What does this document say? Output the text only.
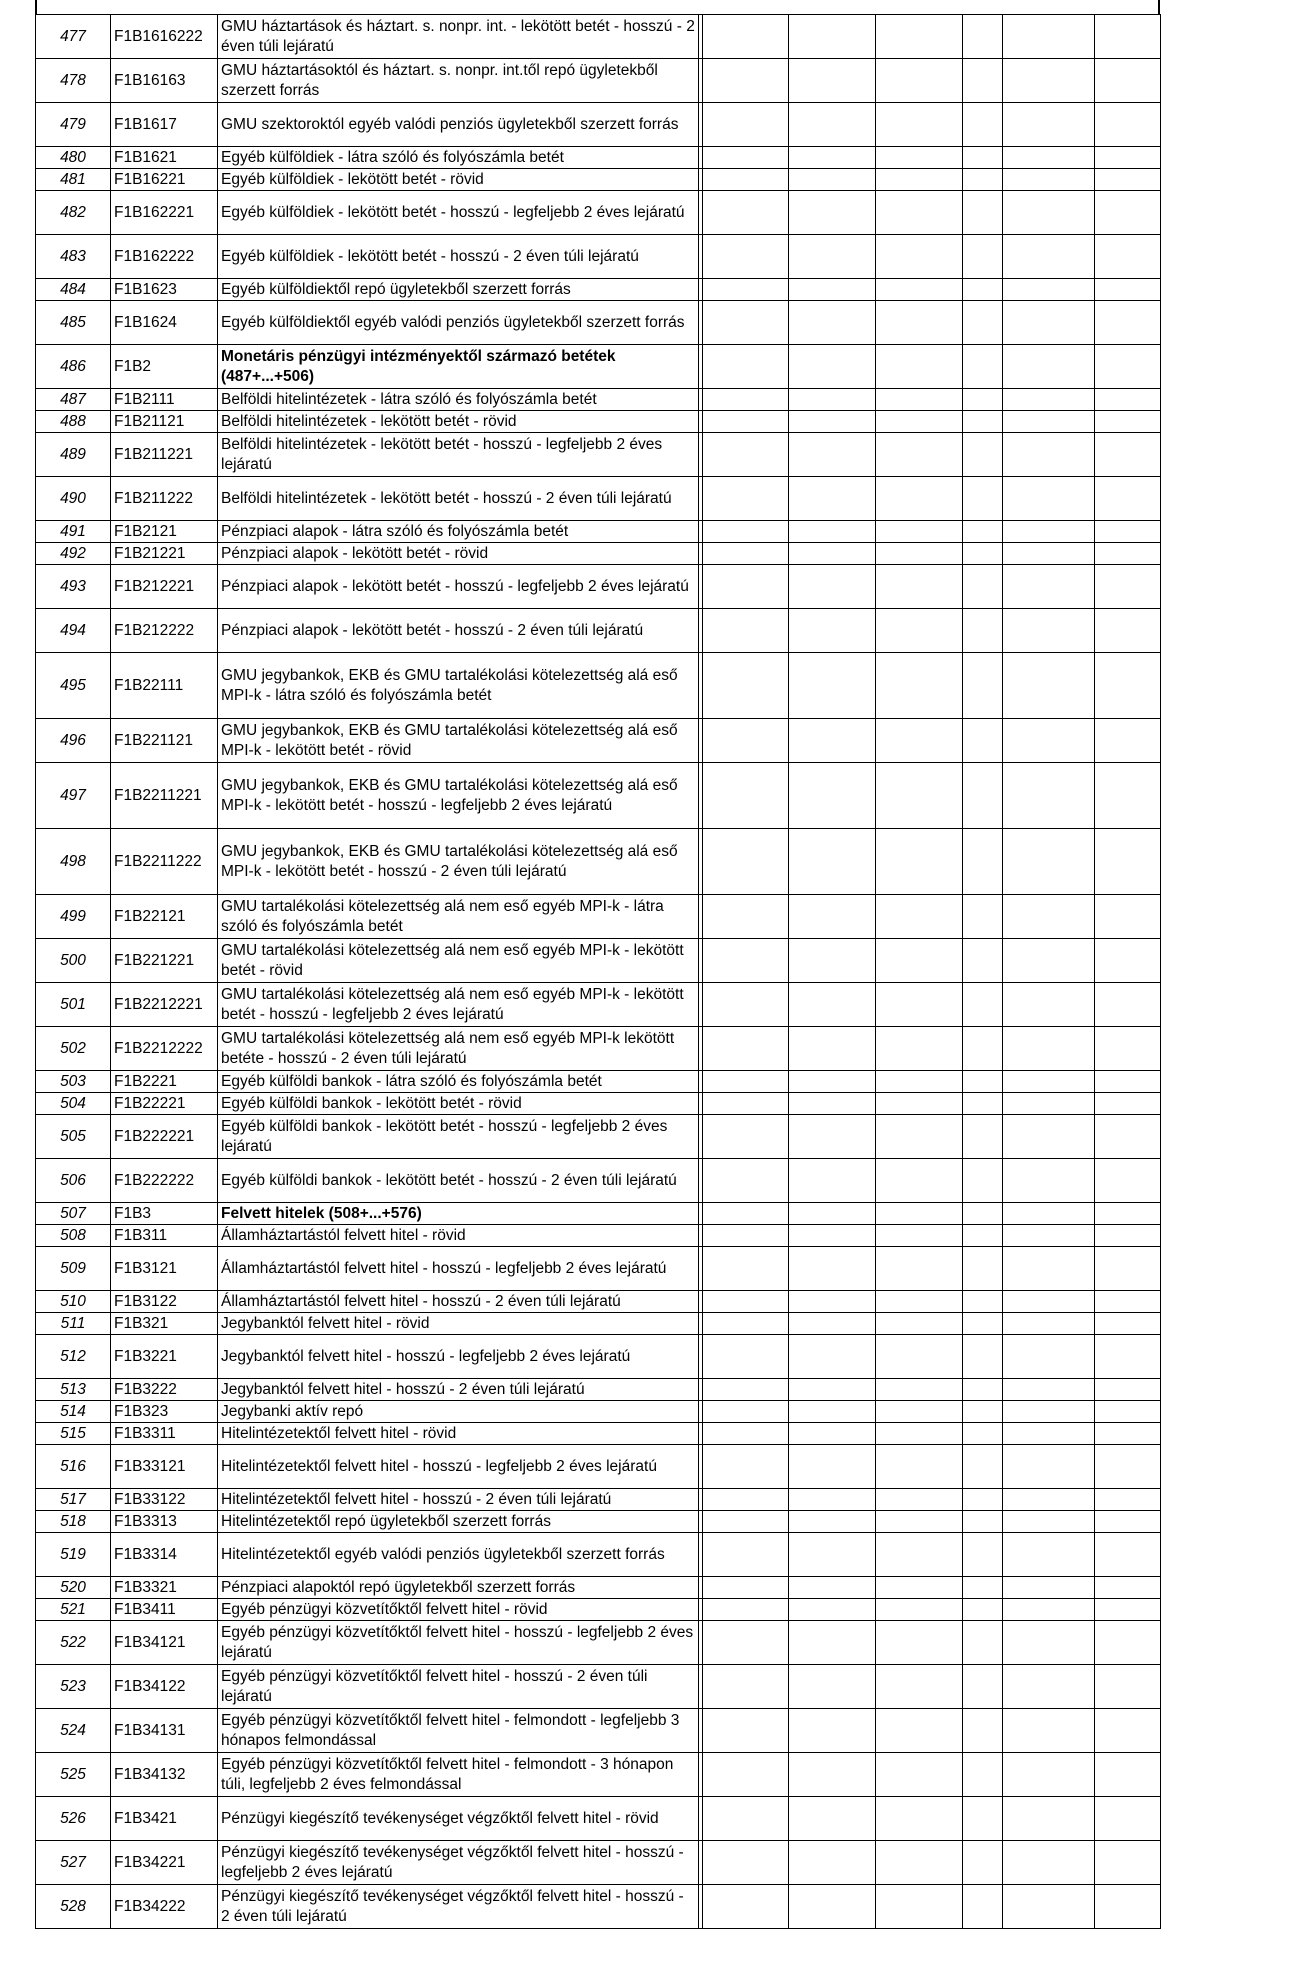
477	F1B1616222	GMU háztartások és háztart. s. nonpr. int. - lekötött betét - hosszú - 2 éven túli lejáratú							
478	F1B16163	GMU háztartásoktól és háztart. s. nonpr. int.től repó ügyletekből szerzett forrás							
479	F1B1617	GMU szektoroktól egyéb valódi penziós ügyletekből szerzett forrás							
480	F1B1621	Egyéb külföldiek - látra szóló és folyószámla betét							
481	F1B16221	Egyéb külföldiek - lekötött betét - rövid							
482	F1B162221	Egyéb külföldiek - lekötött betét - hosszú - legfeljebb 2 éves lejáratú							
483	F1B162222	Egyéb külföldiek - lekötött betét - hosszú - 2 éven túli lejáratú							
484	F1B1623	Egyéb külföldiektől repó ügyletekből szerzett forrás							
485	F1B1624	Egyéb külföldiektől egyéb valódi penziós ügyletekből szerzett forrás							
486	F1B2	Monetáris pénzügyi intézményektől származó betétek (487+...+506)							
487	F1B2111	Belföldi hitelintézetek - látra szóló és folyószámla betét							
488	F1B21121	Belföldi hitelintézetek - lekötött betét - rövid							
489	F1B211221	Belföldi hitelintézetek - lekötött betét - hosszú - legfeljebb 2 éves lejáratú							
490	F1B211222	Belföldi hitelintézetek - lekötött betét - hosszú - 2 éven túli lejáratú							
491	F1B2121	Pénzpiaci alapok - látra szóló és folyószámla betét							
492	F1B21221	Pénzpiaci alapok - lekötött betét - rövid							
493	F1B212221	Pénzpiaci alapok - lekötött betét - hosszú - legfeljebb 2 éves lejáratú							
494	F1B212222	Pénzpiaci alapok - lekötött betét - hosszú - 2 éven túli lejáratú							
495	F1B22111	GMU jegybankok, EKB és GMU tartalékolási kötelezettség alá eső MPI-k - látra szóló és folyószámla betét							
496	F1B221121	GMU jegybankok, EKB és GMU tartalékolási kötelezettség alá eső MPI-k - lekötött betét - rövid							
497	F1B2211221	GMU jegybankok, EKB és GMU tartalékolási kötelezettség alá eső MPI-k - lekötött betét - hosszú - legfeljebb 2 éves lejáratú							
498	F1B2211222	GMU jegybankok, EKB és GMU tartalékolási kötelezettség alá eső MPI-k - lekötött betét - hosszú - 2 éven túli lejáratú							
499	F1B22121	GMU tartalékolási kötelezettség alá nem eső egyéb MPI-k - látra szóló és folyószámla betét							
500	F1B221221	GMU tartalékolási kötelezettség alá nem eső egyéb MPI-k - lekötött betét - rövid							
501	F1B2212221	GMU tartalékolási kötelezettség alá nem eső egyéb MPI-k - lekötött betét - hosszú - legfeljebb 2 éves lejáratú							
502	F1B2212222	GMU tartalékolási kötelezettség alá nem eső egyéb MPI-k lekötött betéte - hosszú - 2 éven túli lejáratú							
503	F1B2221	Egyéb külföldi bankok - látra szóló és folyószámla betét							
504	F1B22221	Egyéb külföldi bankok - lekötött betét - rövid							
505	F1B222221	Egyéb külföldi bankok - lekötött betét - hosszú - legfeljebb 2 éves lejáratú							
506	F1B222222	Egyéb külföldi bankok - lekötött betét - hosszú - 2 éven túli lejáratú							
507	F1B3	Felvett hitelek (508+...+576)							
508	F1B311	Államháztartástól felvett hitel - rövid							
509	F1B3121	Államháztartástól felvett hitel - hosszú - legfeljebb 2 éves lejáratú							
510	F1B3122	Államháztartástól felvett hitel - hosszú - 2 éven túli lejáratú							
511	F1B321	Jegybanktól felvett hitel - rövid							
512	F1B3221	Jegybanktól felvett hitel - hosszú - legfeljebb 2 éves lejáratú							
513	F1B3222	Jegybanktól felvett hitel - hosszú - 2 éven túli lejáratú							
514	F1B323	Jegybanki aktív repó							
515	F1B3311	Hitelintézetektől felvett hitel - rövid							
516	F1B33121	Hitelintézetektől felvett hitel - hosszú - legfeljebb 2 éves lejáratú							
517	F1B33122	Hitelintézetektől felvett hitel - hosszú - 2 éven túli lejáratú							
518	F1B3313	Hitelintézetektől repó ügyletekből szerzett forrás							
519	F1B3314	Hitelintézetektől egyéb valódi penziós ügyletekből szerzett forrás							
520	F1B3321	Pénzpiaci alapoktól repó ügyletekből szerzett forrás							
521	F1B3411	Egyéb pénzügyi közvetítőktől felvett hitel - rövid							
522	F1B34121	Egyéb pénzügyi közvetítőktől felvett hitel - hosszú - legfeljebb 2 éves lejáratú							
523	F1B34122	Egyéb pénzügyi közvetítőktől felvett hitel - hosszú - 2 éven túli lejáratú							
524	F1B34131	Egyéb pénzügyi közvetítőktől felvett hitel - felmondott - legfeljebb 3 hónapos felmondással							
525	F1B34132	Egyéb pénzügyi közvetítőktől felvett hitel - felmondott - 3 hónapon túli, legfeljebb 2 éves felmondással							
526	F1B3421	Pénzügyi kiegészítő tevékenységet végzőktől felvett hitel - rövid							
527	F1B34221	Pénzügyi kiegészítő tevékenységet végzőktől felvett hitel - hosszú - legfeljebb 2 éves lejáratú							
528	F1B34222	Pénzügyi kiegészítő tevékenységet végzőktől felvett hitel - hosszú - 2 éven túli lejáratú							
